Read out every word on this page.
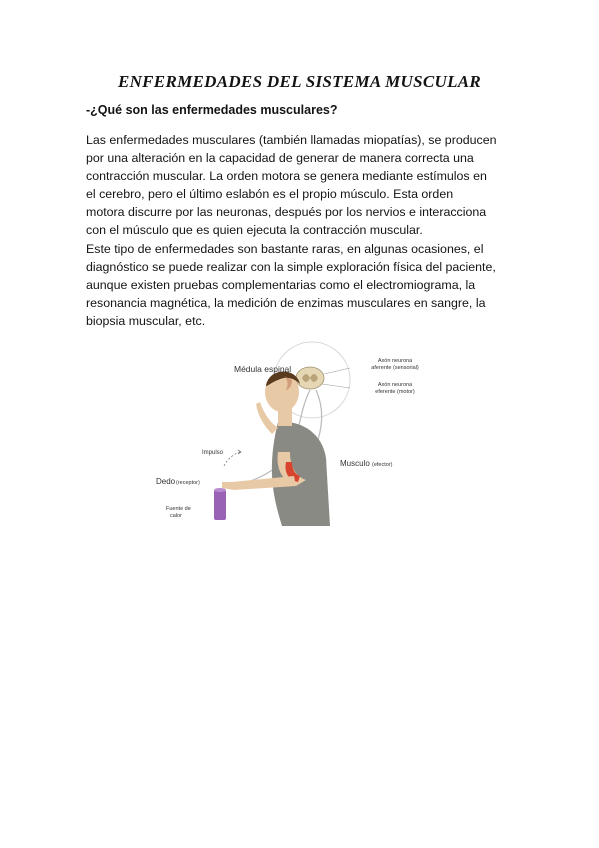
ENFERMEDADES DEL SISTEMA MUSCULAR
-¿Qué son las enfermedades musculares?
Las enfermedades musculares (también llamadas miopatías), se producen
por una alteración en la capacidad de generar de manera correcta una
contracción muscular. La orden motora se genera mediante estímulos en
el cerebro, pero el último eslabón es el propio músculo. Esta orden
motora discurre por las neuronas, después por los nervios e interacciona
con el músculo que es quien ejecuta la contracción muscular.
Este tipo de enfermedades son bastante raras, en algunas ocasiones, el
diagnóstico se puede realizar con la simple exploración física del paciente,
aunque existen pruebas complementarias como el electromiograma, la
resonancia magnética, la medición de enzimas musculares en sangre, la
biopsia muscular, etc.
Médula espinal
Axón neurona
aferente (sensorial)
Axón neurona
eferente (motor)
Impulso
Musculo (efector)
Dedo (receptor)
Fuente de
calor
